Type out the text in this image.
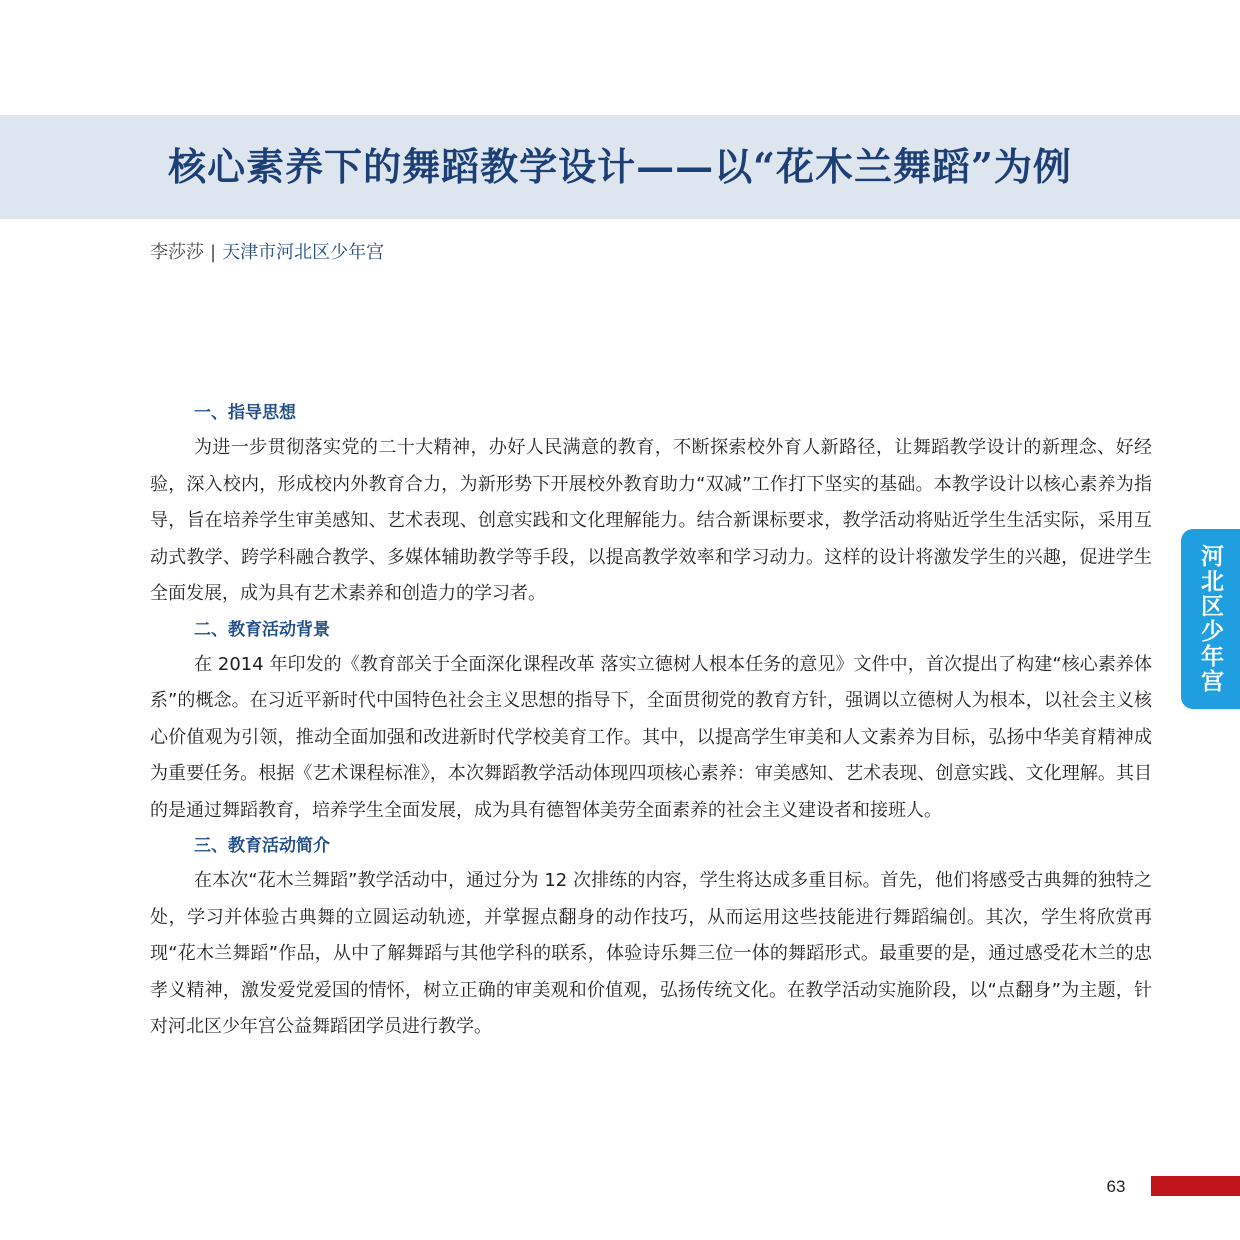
核心素养下的舞蹈教学设计——以“花木兰舞蹈”为例
李莎莎 | 天津市河北区少年宫
一、指导思想

为进一步贯彻落实党的二十大精神，办好人民满意的教育，不断探索校外育人新路径，让舞蹈教学设计的新理念、好经验，深入校内，形成校内外教育合力，为新形势下开展校外教育助力“双减”工作打下坚实的基础。本教学设计以核心素养为指导，旨在培养学生审美感知、艺术表现、创意实践和文化理解能力。结合新课标要求，教学活动将贴近学生生活实际，采用互动式教学、跨学科融合教学、多媒体辅助教学等手段，以提高教学效率和学习动力。这样的设计将激发学生的兴趣，促进学生全面发展，成为具有艺术素养和创造力的学习者。

二、教育活动背景

在 2014 年印发的《教育部关于全面深化课程改革 落实立德树人根本任务的意见》文件中，首次提出了构建“核心素养体系”的概念。在习近平新时代中国特色社会主义思想的指导下，全面贯彻党的教育方针，强调以立德树人为根本，以社会主义核心价值观为引领，推动全面加强和改进新时代学校美育工作。其中，以提高学生审美和人文素养为目标，弘扬中华美育精神成为重要任务。根据《艺术课程标准》，本次舞蹈教学活动体现四项核心素养：审美感知、艺术表现、创意实践、文化理解。其目的是通过舞蹈教育，培养学生全面发展，成为具有德智体美劳全面素养的社会主义建设者和接班人。

三、教育活动简介

在本次“花木兰舞蹈”教学活动中，通过分为 12 次排练的内容，学生将达成多重目标。首先，他们将感受古典舞的独特之处，学习并体验古典舞的立圆运动轨迹，并掌握点翻身的动作技巧，从而运用这些技能进行舞蹈编创。其次，学生将欣赏再现“花木兰舞蹈”作品，从中了解舞蹈与其他学科的联系，体验诗乐舞三位一体的舞蹈形式。最重要的是，通过感受花木兰的忠孝义精神，激发爱党爱国的情怀，树立正确的审美观和价值观，弘扬传统文化。在教学活动实施阶段，以“点翻身”为主题，针对河北区少年宫公益舞蹈团学员进行教学。

河北区少年宫
63
